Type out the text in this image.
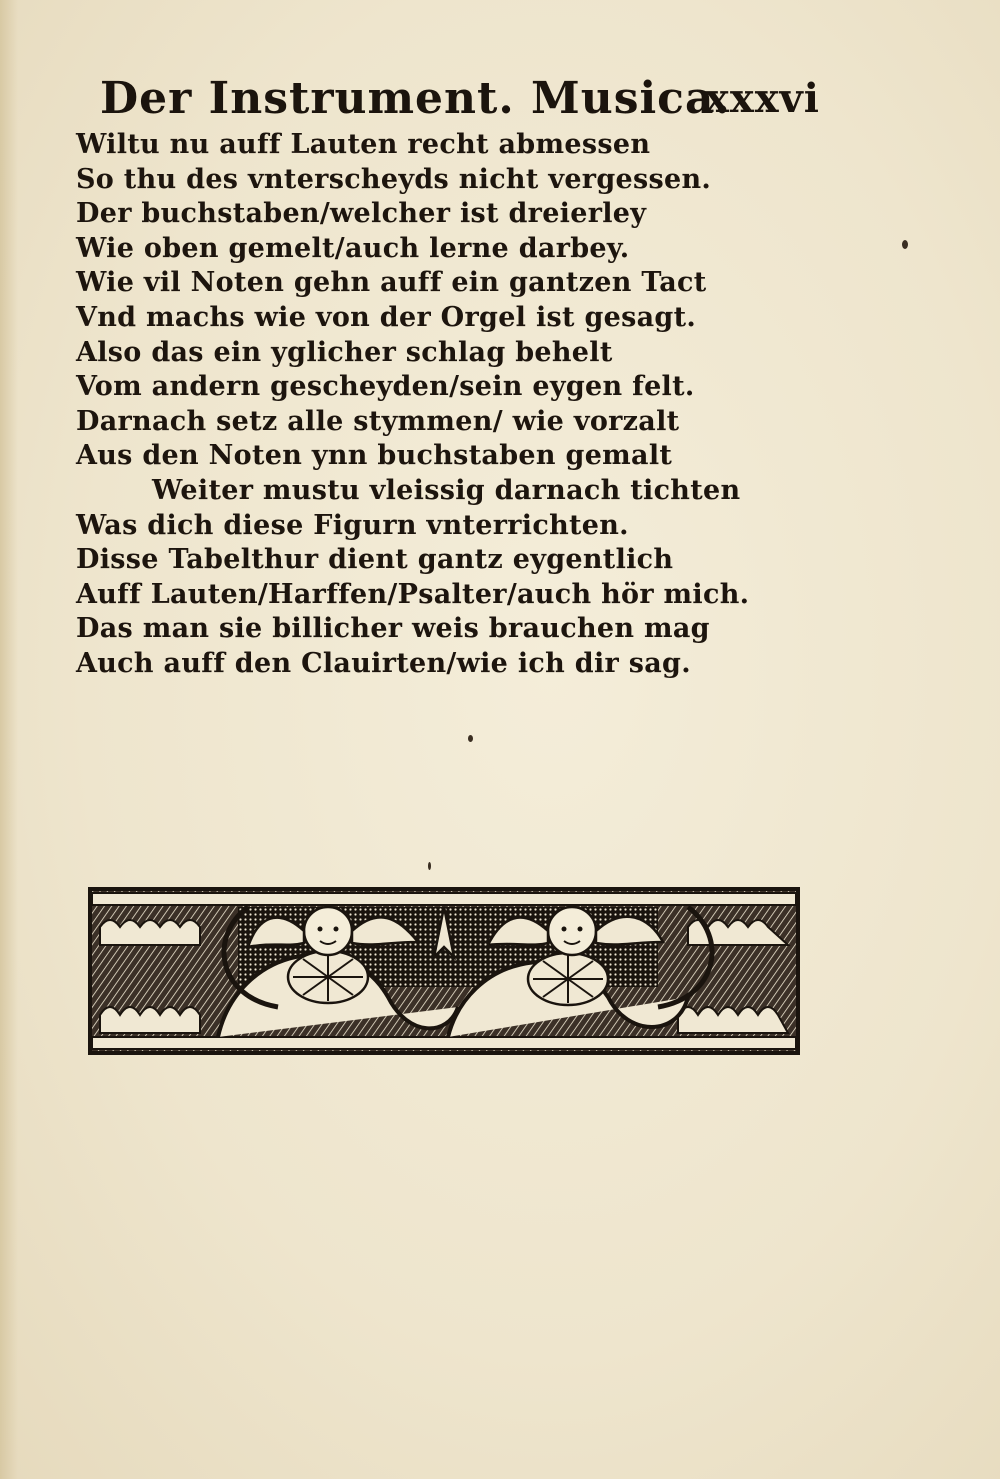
Der Instrument. Musica.
xxxvi
Wiltu nu auff Lauten recht abmessen
So thu des vnterscheyds nicht vergessen.
Der buchstaben/welcher ist dreierley
Wie oben gemelt/auch lerne darbey.
Wie vil Noten gehn auff ein gantzen Tact
Vnd machs wie von der Orgel ist gesagt.
Also das ein yglicher schlag behelt
Vom andern gescheyden/sein eygen felt.
Darnach setz alle stymmen/ wie vorzalt
Aus den Noten ynn buchstaben gemalt
Weiter mustu vleissig darnach tichten
Was dich diese Figurn vnterrichten.
Disse Tabelthur dient gantz eygentlich
Auff Lauten/Harffen/Psalter/auch hör mich.
Das man sie billicher weis brauchen mag
Auch auff den Clauirten/wie ich dir sag.
